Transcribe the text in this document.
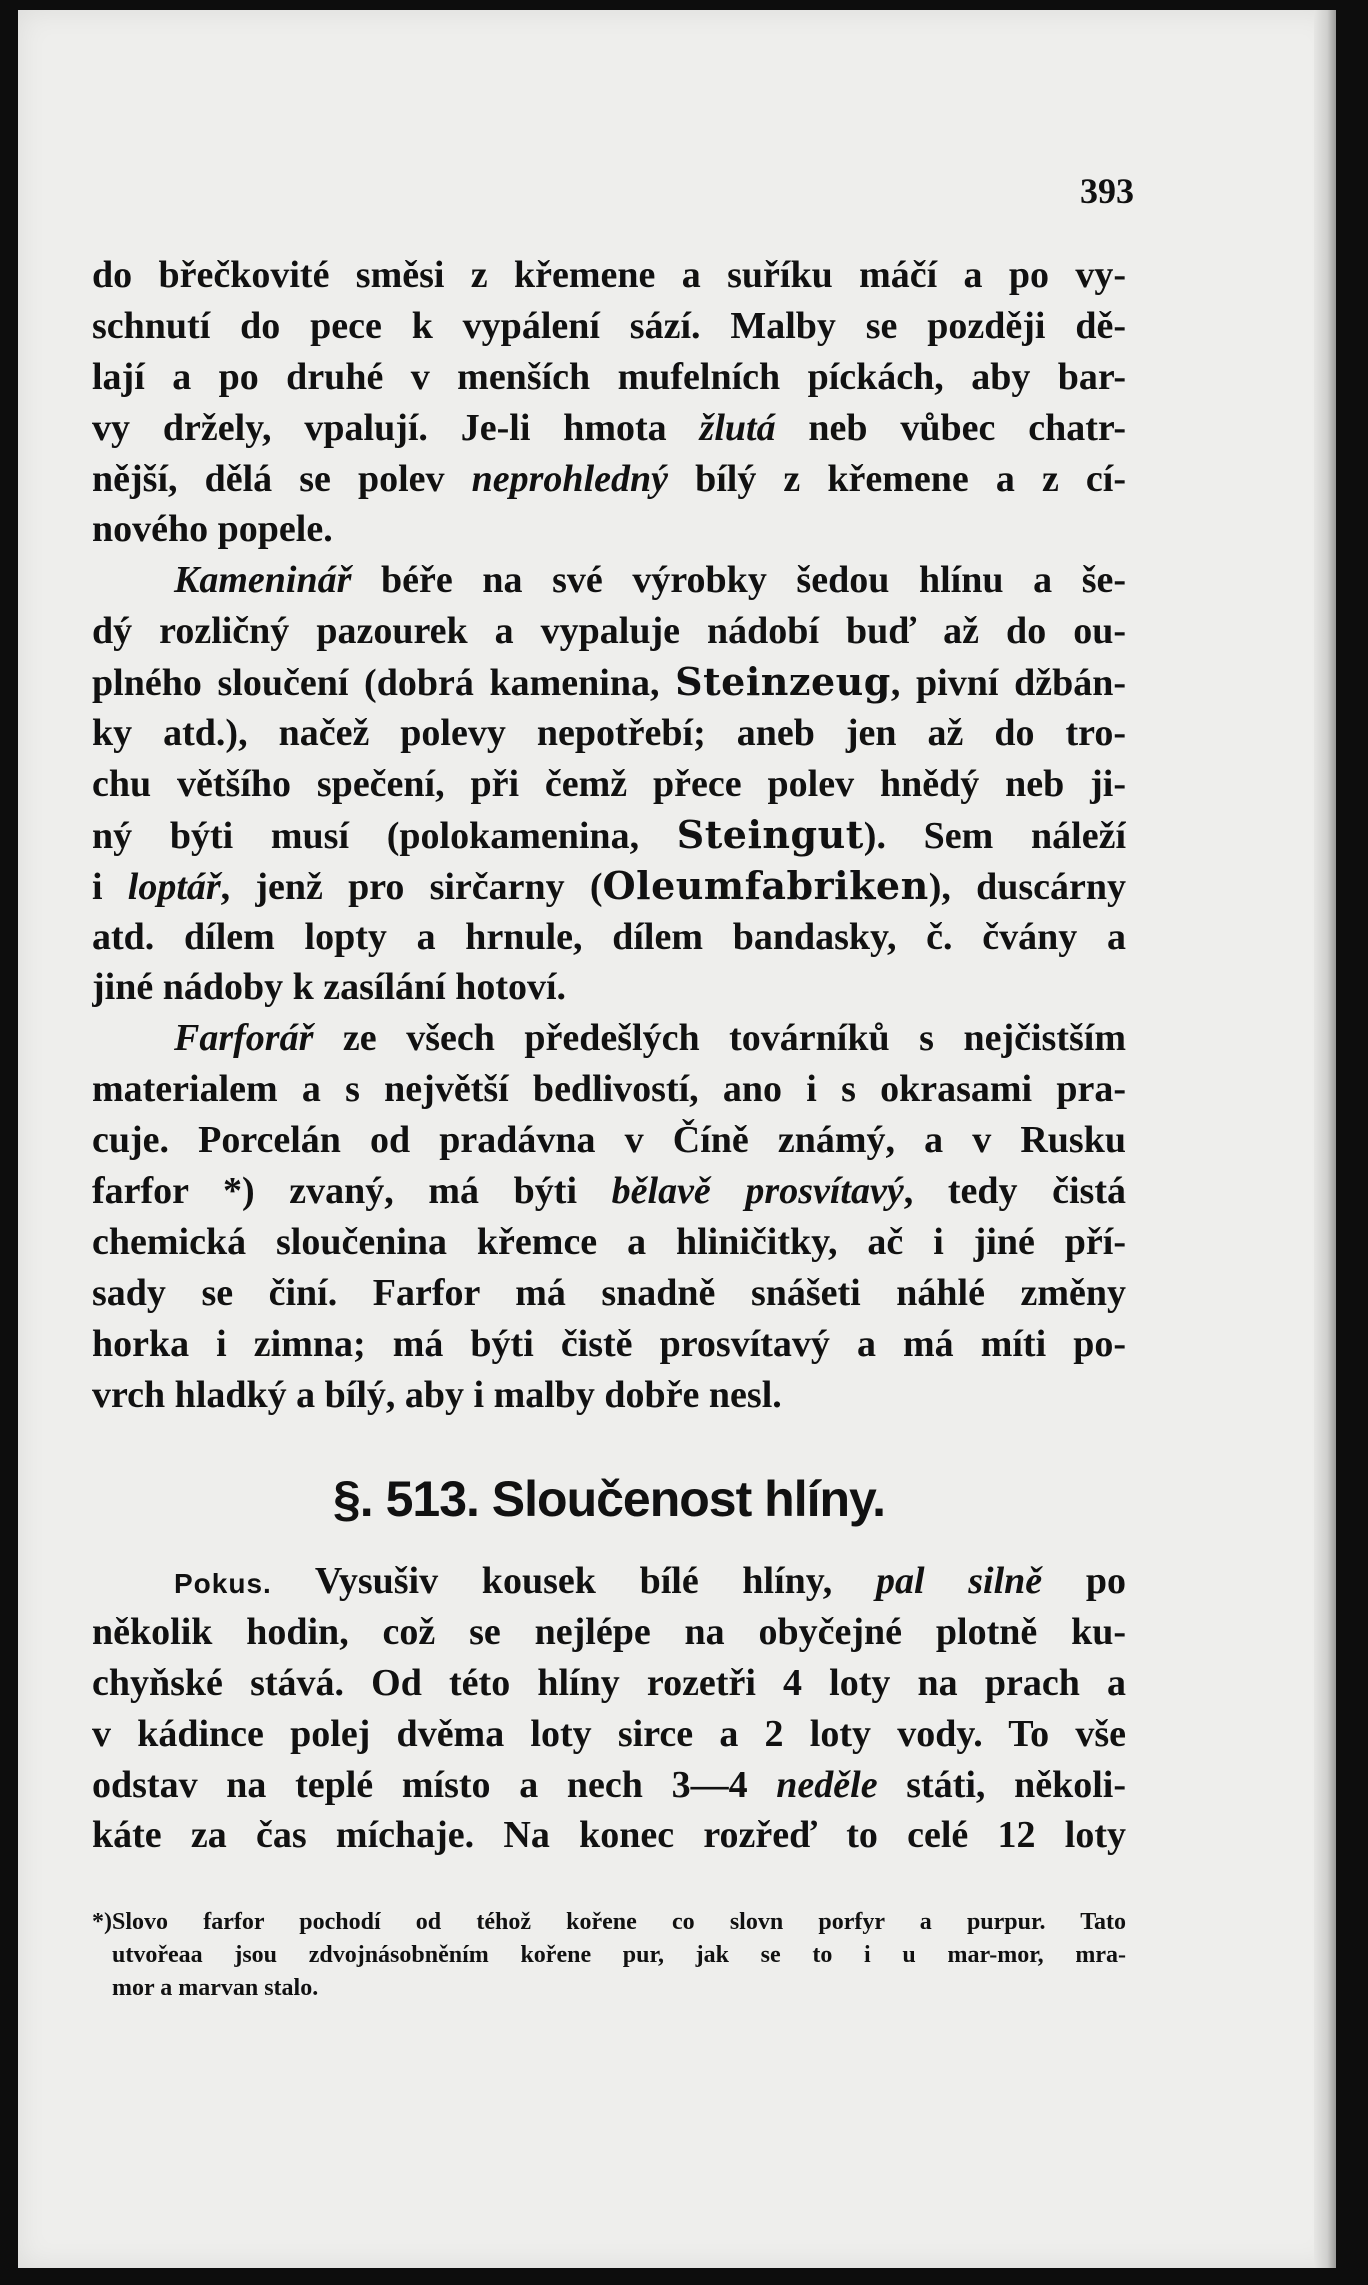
393
do břečkovité směsi z křemene a suříku máčí a po vy-
schnutí do pece k vypálení sází. Malby se později dě-
lají a po druhé v menších mufelních píckách, aby bar-
vy držely, vpalují. Je-li hmota žlutá neb vůbec chatr-
nější, dělá se polev neprohledný bílý z křemene a z cí-
nového popele.
Kameninář béře na své výrobky šedou hlínu a še-
dý rozličný pazourek a vypaluje nádobí buď až do ou-
plného sloučení (dobrá kamenina, Steinzeug, pivní džbán-
ky atd.), načež polevy nepotřebí; aneb jen až do tro-
chu většího spečení, při čemž přece polev hnědý neb ji-
ný býti musí (polokamenina, Steingut). Sem náleží
i loptář, jenž pro sirčarny (Oleumfabriken), duscárny
atd. dílem lopty a hrnule, dílem bandasky, č. čvány a
jiné nádoby k zasílání hotoví.
Farforář ze všech předešlých továrníků s nejčistším
materialem a s největší bedlivostí, ano i s okrasami pra-
cuje. Porcelán od pradávna v Číně známý, a v Rusku
farfor *) zvaný, má býti bělavě prosvítavý, tedy čistá
chemická sloučenina křemce a hliničitky, ač i jiné pří-
sady se činí. Farfor má snadně snášeti náhlé změny
horka i zimna; má býti čistě prosvítavý a má míti po-
vrch hladký a bílý, aby i malby dobře nesl.
§. 513. Sloučenost hlíny.
Pokus. Vysušiv kousek bílé hlíny, pal silně po
několik hodin, což se nejlépe na obyčejné plotně ku-
chyňské stává. Od této hlíny rozetři 4 loty na prach a
v kádince polej dvěma loty sirce a 2 loty vody. To vše
odstav na teplé místo a nech 3—4 neděle státi, několi-
káte za čas míchaje. Na konec rozřeď to celé 12 loty
*) Slovo farfor pochodí od téhož kořene co slovn porfyr a purpur. Tato
utvořeaa jsou zdvojnásobněním kořene pur, jak se to i u mar-mor, mra-
mor a marvan stalo.
